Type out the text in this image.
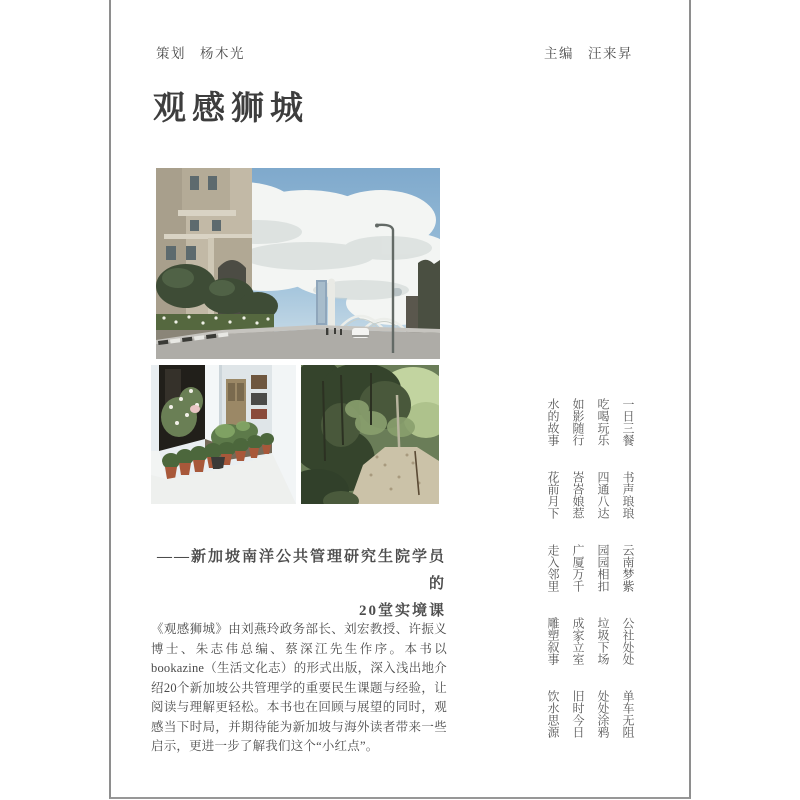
策划 杨木光	主编 汪来昇
观感狮城
一日三餐
吃喝玩乐
如影随行
水的故事
书声琅琅
四通八达
峇峇娘惹
花前月下
云南梦紫
园园相扣
广厦万千
走入邻里
公社处处
垃圾下场
成家立室
雕塑叙事
单车无阻
处处涂鸦
旧时今日
饮水思源
——新加坡南洋公共管理研究生院学员的
20堂实境课
《观感狮城》由刘燕玲政务部长、刘宏教授、许振义博士、朱志伟总编、蔡深江先生作序。本书以bookazine（生活文化志）的形式出版，深入浅出地介绍20个新加坡公共管理学的重要民生课题与经验，让阅读与理解更轻松。本书也在回顾与展望的同时，观感当下时局，并期待能为新加坡与海外读者带来一些启示，更进一步了解我们这个“小红点”。
